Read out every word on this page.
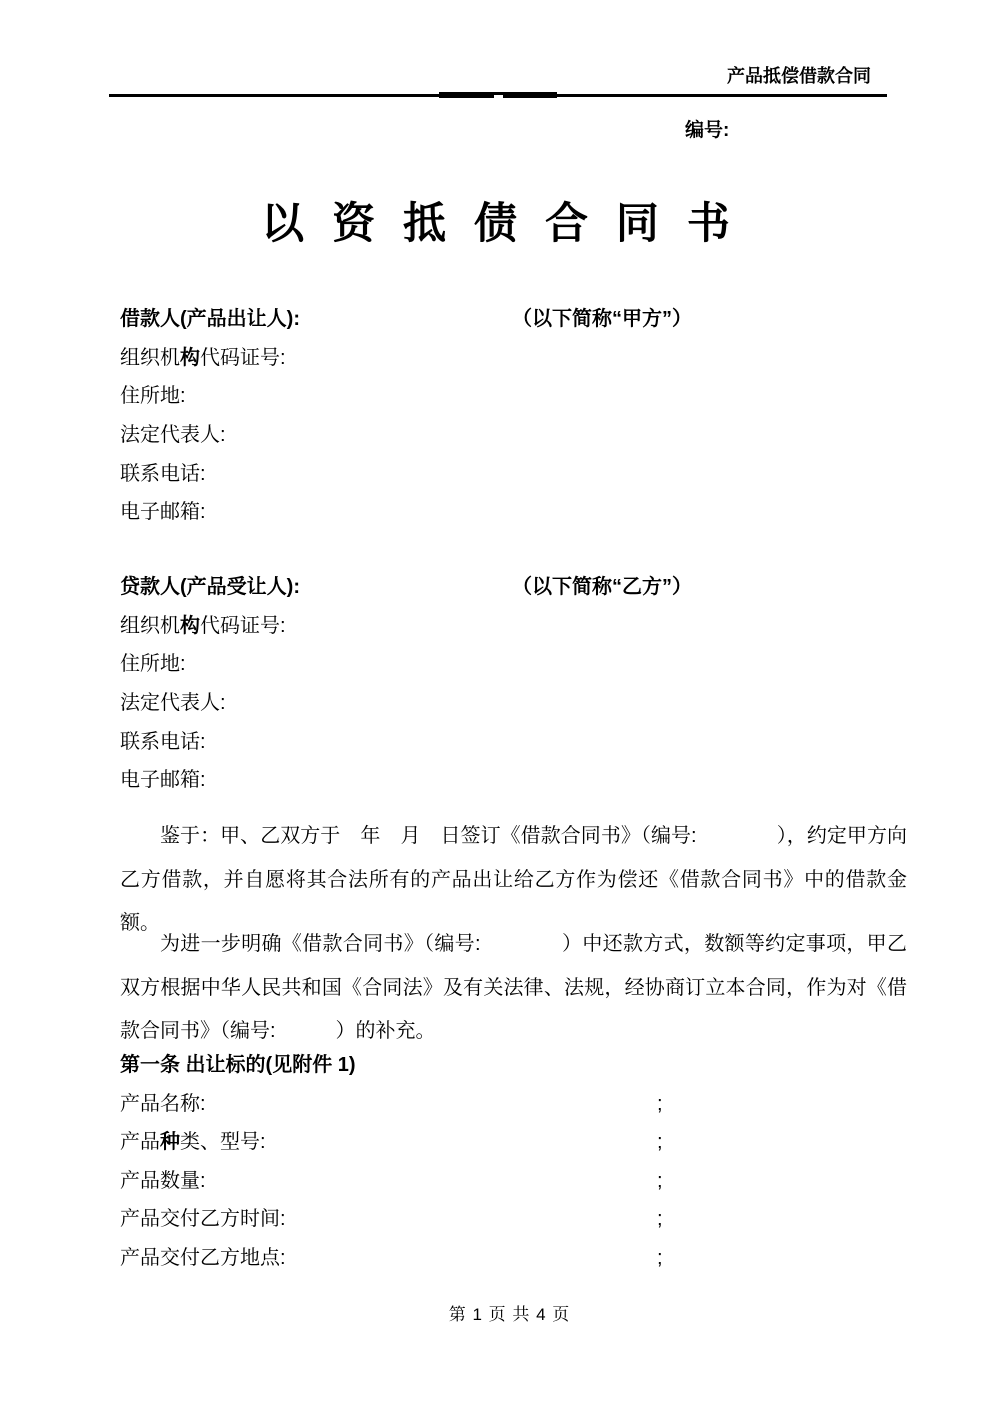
产品抵偿借款合同
编号:
以 资 抵 债 合 同 书
借款人(产品出让人):	（以下简称“甲方”）
组织机构代码证号:
住所地:
法定代表人:
联系电话:
电子邮箱:
贷款人(产品受让人):	（以下简称“乙方”）
组织机构代码证号:
住所地:
法定代表人:
联系电话:
电子邮箱:

鉴于：甲、乙双方于　年　月　日签订《借款合同书》（编号:　　　　），约定甲方向乙方借款，并自愿将其合法所有的产品出让给乙方作为偿还《借款合同书》中的借款金额。

为进一步明确《借款合同书》（编号:　　　　）中还款方式，数额等约定事项，甲乙双方根据中华人民共和国《合同法》及有关法律、法规，经协商订立本合同，作为对《借款合同书》（编号:　　　）的补充。

第一条 出让标的(见附件 1)
产品名称:	;
产品种类、型号:	;
产品数量:	;
产品交付乙方时间:	;
产品交付乙方地点:	;
第 1 页 共 4 页
